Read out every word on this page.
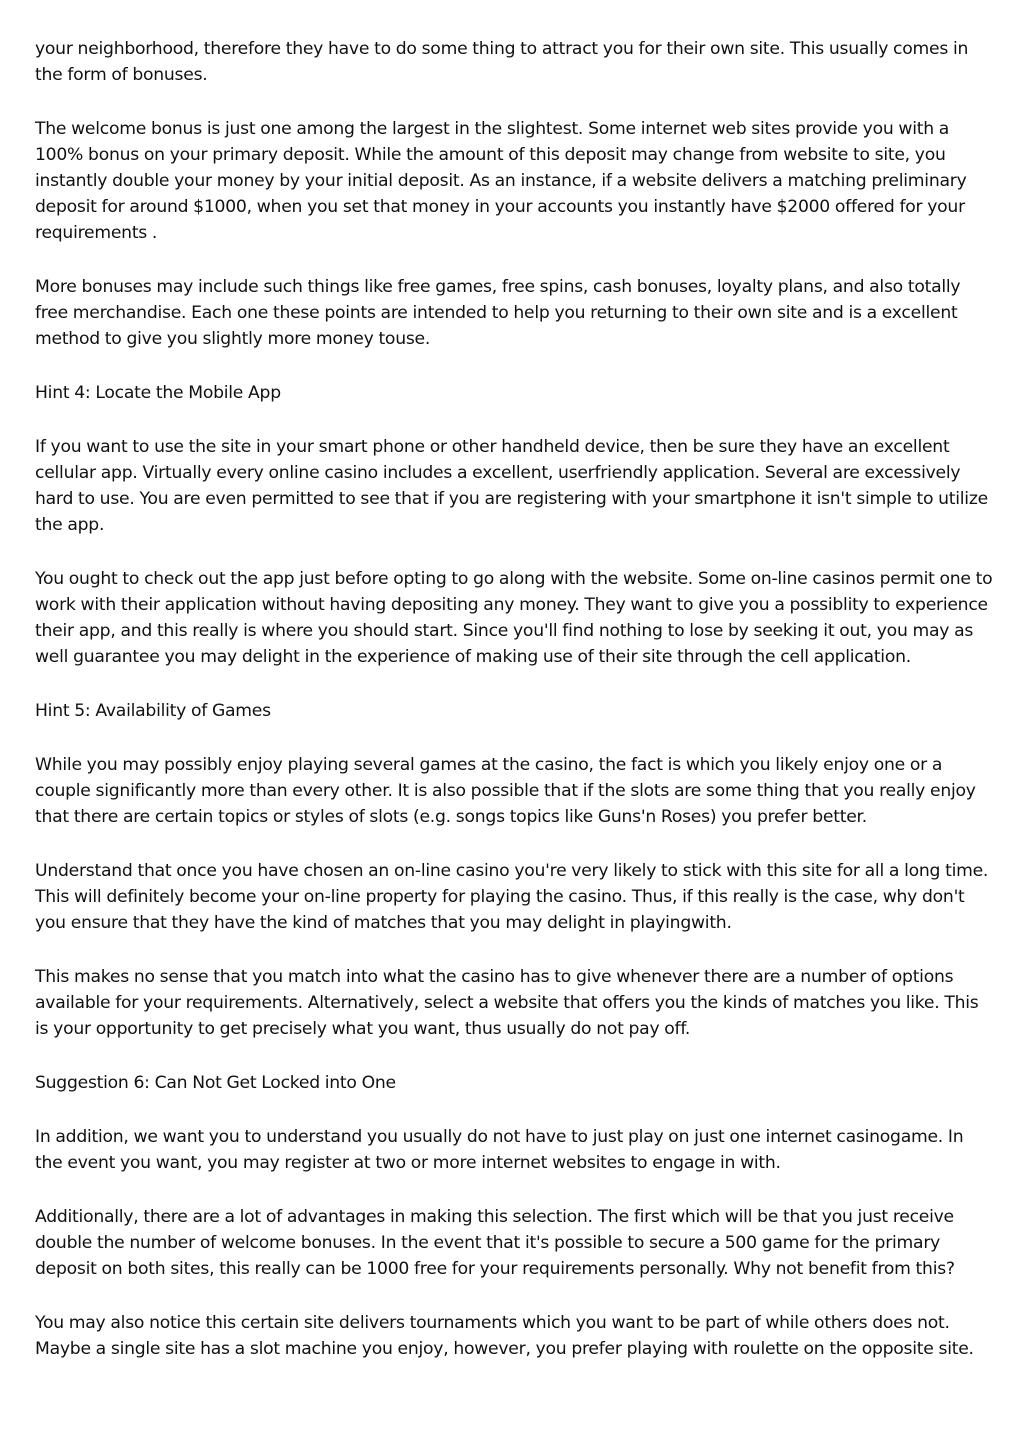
your neighborhood, therefore they have to do some thing to attract you for their own site. This usually comes in the form of bonuses.

The welcome bonus is just one among the largest in the slightest. Some internet web sites provide you with a 100% bonus on your primary deposit. While the amount of this deposit may change from website to site, you instantly double your money by your initial deposit. As an instance, if a website delivers a matching preliminary deposit for around $1000, when you set that money in your accounts you instantly have $2000 offered for your requirements .

More bonuses may include such things like free games, free spins, cash bonuses, loyalty plans, and also totally free merchandise. Each one these points are intended to help you returning to their own site and is a excellent method to give you slightly more money touse.

Hint 4: Locate the Mobile App

If you want to use the site in your smart phone or other handheld device, then be sure they have an excellent cellular app. Virtually every online casino includes a excellent, userfriendly application. Several are excessively hard to use. You are even permitted to see that if you are registering with your smartphone it isn't simple to utilize the app.

You ought to check out the app just before opting to go along with the website. Some on-line casinos permit one to work with their application without having depositing any money. They want to give you a possiblity to experience their app, and this really is where you should start. Since you'll find nothing to lose by seeking it out, you may as well guarantee you may delight in the experience of making use of their site through the cell application.

Hint 5: Availability of Games

While you may possibly enjoy playing several games at the casino, the fact is which you likely enjoy one or a couple significantly more than every other. It is also possible that if the slots are some thing that you really enjoy that there are certain topics or styles of slots (e.g. songs topics like Guns'n Roses) you prefer better.

Understand that once you have chosen an on-line casino you're very likely to stick with this site for all a long time. This will definitely become your on-line property for playing the casino. Thus, if this really is the case, why don't you ensure that they have the kind of matches that you may delight in playingwith.

This makes no sense that you match into what the casino has to give whenever there are a number of options available for your requirements. Alternatively, select a website that offers you the kinds of matches you like. This is your opportunity to get precisely what you want, thus usually do not pay off.

Suggestion 6: Can Not Get Locked into One

In addition, we want you to understand you usually do not have to just play on just one internet casinogame. In the event you want, you may register at two or more internet websites to engage in with.

Additionally, there are a lot of advantages in making this selection. The first which will be that you just receive double the number of welcome bonuses. In the event that it's possible to secure a 500 game for the primary deposit on both sites, this really can be 1000 free for your requirements personally. Why not benefit from this?

You may also notice this certain site delivers tournaments which you want to be part of while others does not. Maybe a single site has a slot machine you enjoy, however, you prefer playing with roulette on the opposite site.
